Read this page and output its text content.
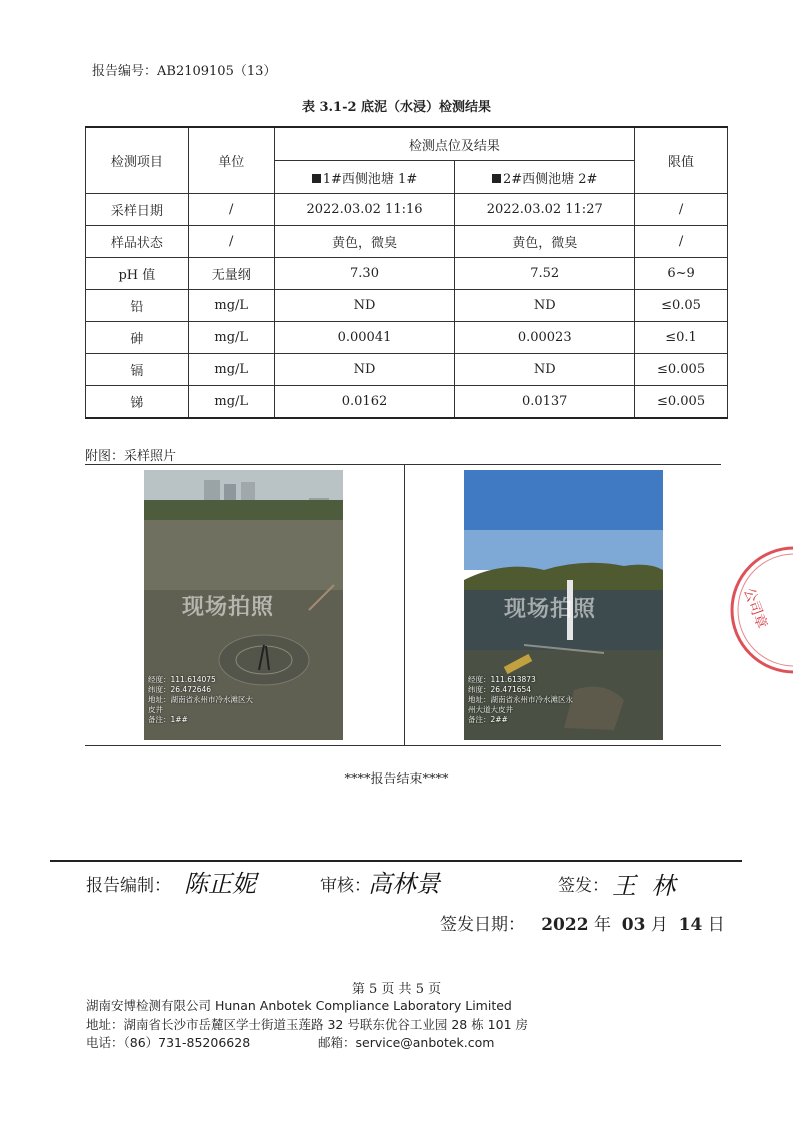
报告编号：AB2109105（13）
表 3.1-2 底泥（水浸）检测结果
检测项目	单位	检测点位及结果		限值
		1#西侧池塘 1#	2#西侧池塘 2#	
采样日期	/	2022.03.02 11:16	2022.03.02 11:27	/
样品状态	/	黄色，微臭	黄色，微臭	/
pH 值	无量纲	7.30	7.52	6~9
铅	mg/L	ND	ND	≤0.05
砷	mg/L	0.00041	0.00023	≤0.1
镉	mg/L	ND	ND	≤0.005
锑	mg/L	0.0162	0.0137	≤0.005
附图：采样照片
现场拍照
经度：111.614075
纬度：26.472646
地址：湖南省永州市冷水滩区大
皮井
备注：1##
现场拍照
经度：111.613873
纬度：26.471654
地址：湖南省永州市冷水滩区永
州大道大皮井
备注：2##
****报告结束****
公司章
报告编制： 陈正妮	审核：
高林景	签发： 王  林
签发日期： 2022 年 03 月 14 日
第 5 页 共 5 页
湖南安博检测有限公司 Hunan Anbotek Compliance Laboratory Limited
地址：湖南省长沙市岳麓区学士街道玉莲路 32 号联东优谷工业园 28 栋 101 房
电话：（86）731-85206628	邮箱：service@anbotek.com
